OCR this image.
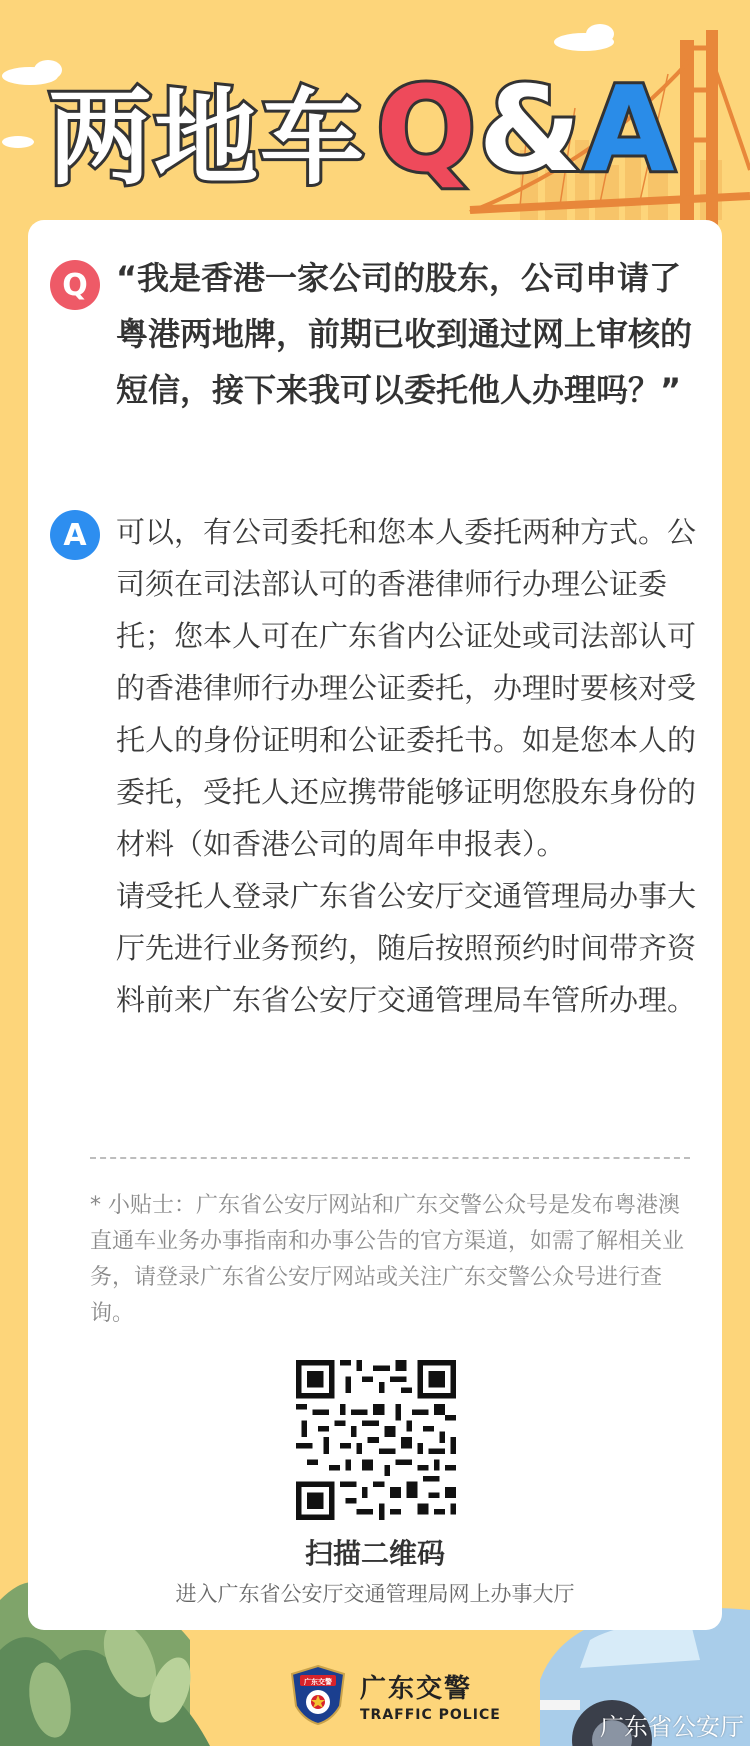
两地车 Q & A
Q “我是香港一家公司的股东，公司申请了粤港两地牌，前期已收到通过网上审核的短信，接下来我可以委托他人办理吗？”
A	可以，有公司委托和您本人委托两种方式。公司须在司法部认可的香港律师行办理公证委托；您本人可在广东省内公证处或司法部认可的香港律师行办理公证委托，办理时要核对受托人的身份证明和公证委托书。如是您本人的委托，受托人还应携带能够证明您股东身份的材料（如香港公司的周年申报表）。

请受托人登录广东省公安厅交通管理局办事大厅先进行业务预约，随后按照预约时间带齐资料前来广东省公安厅交通管理局车管所办理。

* 小贴士：广东省公安厅网站和广东交警公众号是发布粤港澳直通车业务办事指南和办事公告的官方渠道，如需了解相关业务，请登录广东省公安厅网站或关注广东交警公众号进行查询。
扫描二维码
进入广东省公安厅交通管理局网上办事大厅
广东交警 广东交警
TRAFFIC POLICE	广东省公安厅
